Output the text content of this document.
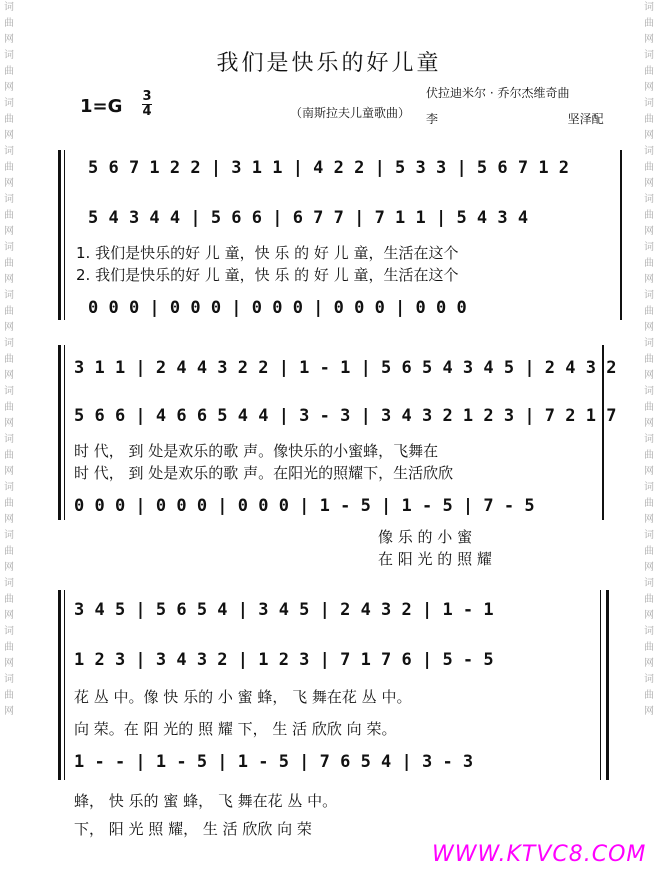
词
曲
网
词
曲
网
词
曲
网
词
曲
网
词
曲
网
词
曲
网
词
曲
网
词
曲
网
词
曲
网
词
曲
网
词
曲
网
词
曲
网
词
曲
网
词
曲
网
词
曲
网
词
曲
网
词
曲
网
词
曲
网
词
曲
网
词
曲
网
词
曲
网
词
曲
网
词
曲
网
词
曲
网
词
曲
网
词
曲
网
词
曲
网
词
曲
网
词
曲
网
词
曲
网
我们是快乐的好儿童
1=G 3
4	（南斯拉夫儿童歌曲）
伏拉迪米尔 · 乔尔杰维奇曲
李	坚泽配
5 6 7 1 2 2 | 3 1 1 | 4 2 2 | 5 3 3 | 5 6 7 1 2
5 4 3 4 4 | 5 6 6 | 6 7 7 | 7 1 1 | 5 4 3 4
1. 我们是快乐的好 儿 童，快 乐 的 好 儿 童，生活在这个
2. 我们是快乐的好 儿 童，快 乐 的 好 儿 童，生活在这个
0 0 0 | 0 0 0 | 0 0 0 | 0 0 0 | 0 0 0
3 1 1 | 2 4 4 3 2 2 | 1 - 1 | 5 6 5 4 3 4 5 | 2 4 3 2
5 6 6 | 4 6 6 5 4 4 | 3 - 3 | 3 4 3 2 1 2 3 | 7 2 1 7
时 代， 到 处是欢乐的歌 声。像快乐的小蜜蜂，飞舞在
时 代， 到 处是欢乐的歌 声。在阳光的照耀下，生活欣欣
0 0 0 | 0 0 0 | 0 0 0 | 1 - 5 | 1 - 5 | 7 - 5
像 乐 的 小 蜜
在 阳 光 的 照 耀
3 4 5 | 5 6 5 4 | 3 4 5 | 2 4 3 2 | 1 - 1
1 2 3 | 3 4 3 2 | 1 2 3 | 7 1 7 6 | 5 - 5
花 丛 中。像 快 乐的 小 蜜 蜂， 飞 舞在花 丛 中。
向 荣。在 阳 光的 照 耀 下， 生 活 欣欣 向 荣。
1 - - | 1 - 5 | 1 - 5 | 7 6 5 4 | 3 - 3
蜂， 快 乐的 蜜 蜂， 飞 舞在花 丛 中。
下， 阳 光 照 耀， 生 活 欣欣 向 荣
WWW.KTVC8.COM
